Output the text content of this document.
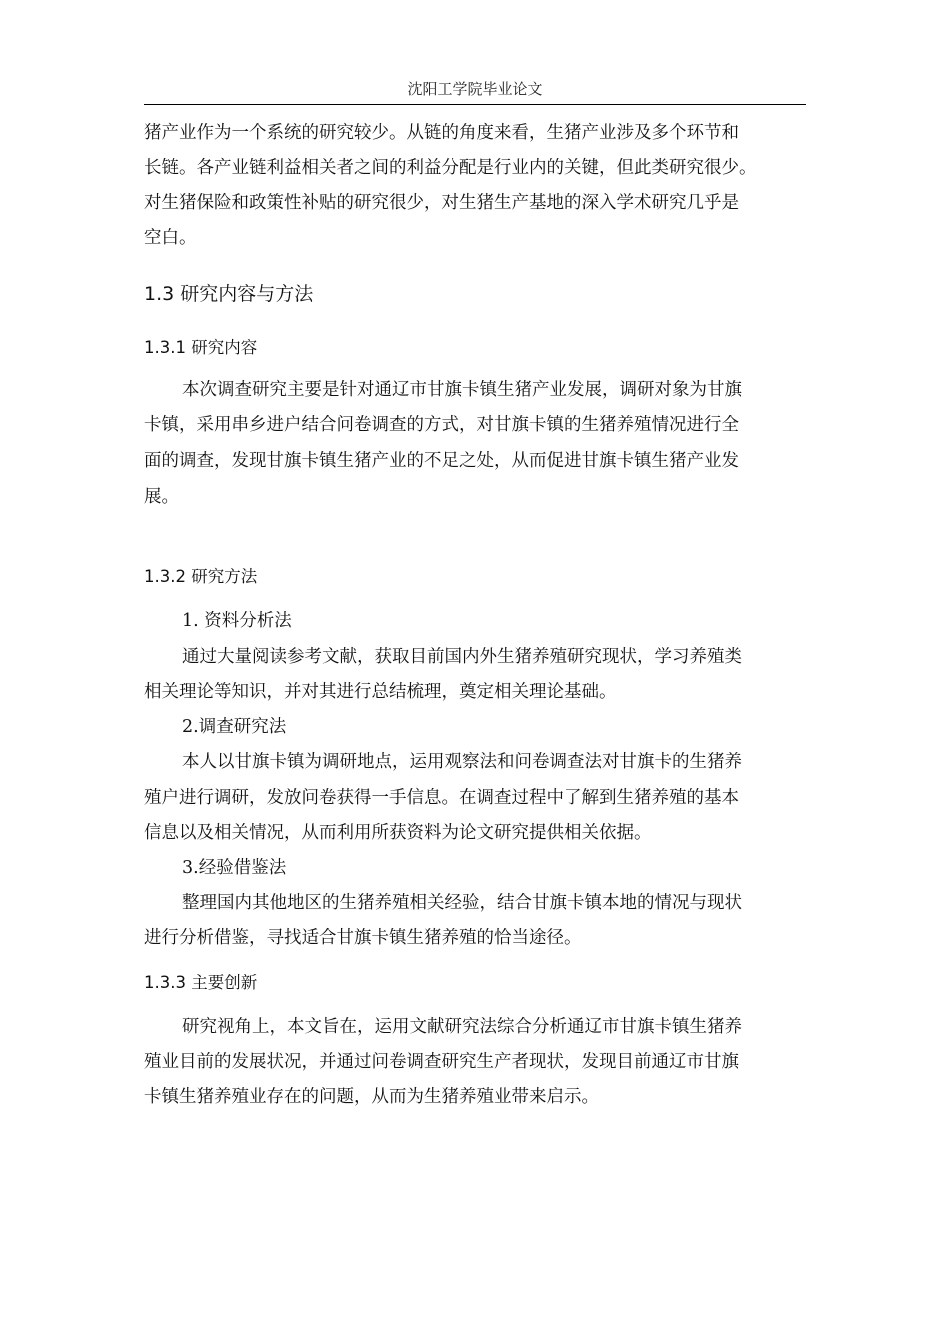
沈阳工学院毕业论文
猪产业作为一个系统的研究较少。从链的角度来看，生猪产业涉及多个环节和
长链。各产业链利益相关者之间的利益分配是行业内的关键，但此类研究很少。
对生猪保险和政策性补贴的研究很少，对生猪生产基地的深入学术研究几乎是
空白。
1.3 研究内容与方法
1.3.1 研究内容
本次调查研究主要是针对通辽市甘旗卡镇生猪产业发展，调研对象为甘旗
卡镇，采用串乡进户结合问卷调查的方式，对甘旗卡镇的生猪养殖情况进行全
面的调查，发现甘旗卡镇生猪产业的不足之处，从而促进甘旗卡镇生猪产业发
展。
1.3.2 研究方法
1. 资料分析法
通过大量阅读参考文献，获取目前国内外生猪养殖研究现状，学习养殖类
相关理论等知识，并对其进行总结梳理，奠定相关理论基础。
2.调查研究法
本人以甘旗卡镇为调研地点，运用观察法和问卷调查法对甘旗卡的生猪养
殖户进行调研，发放问卷获得一手信息。在调查过程中了解到生猪养殖的基本
信息以及相关情况，从而利用所获资料为论文研究提供相关依据。
3.经验借鉴法
整理国内其他地区的生猪养殖相关经验，结合甘旗卡镇本地的情况与现状
进行分析借鉴，寻找适合甘旗卡镇生猪养殖的恰当途径。
1.3.3 主要创新
研究视角上，本文旨在，运用文献研究法综合分析通辽市甘旗卡镇生猪养
殖业目前的发展状况，并通过问卷调查研究生产者现状，发现目前通辽市甘旗
卡镇生猪养殖业存在的问题，从而为生猪养殖业带来启示。
